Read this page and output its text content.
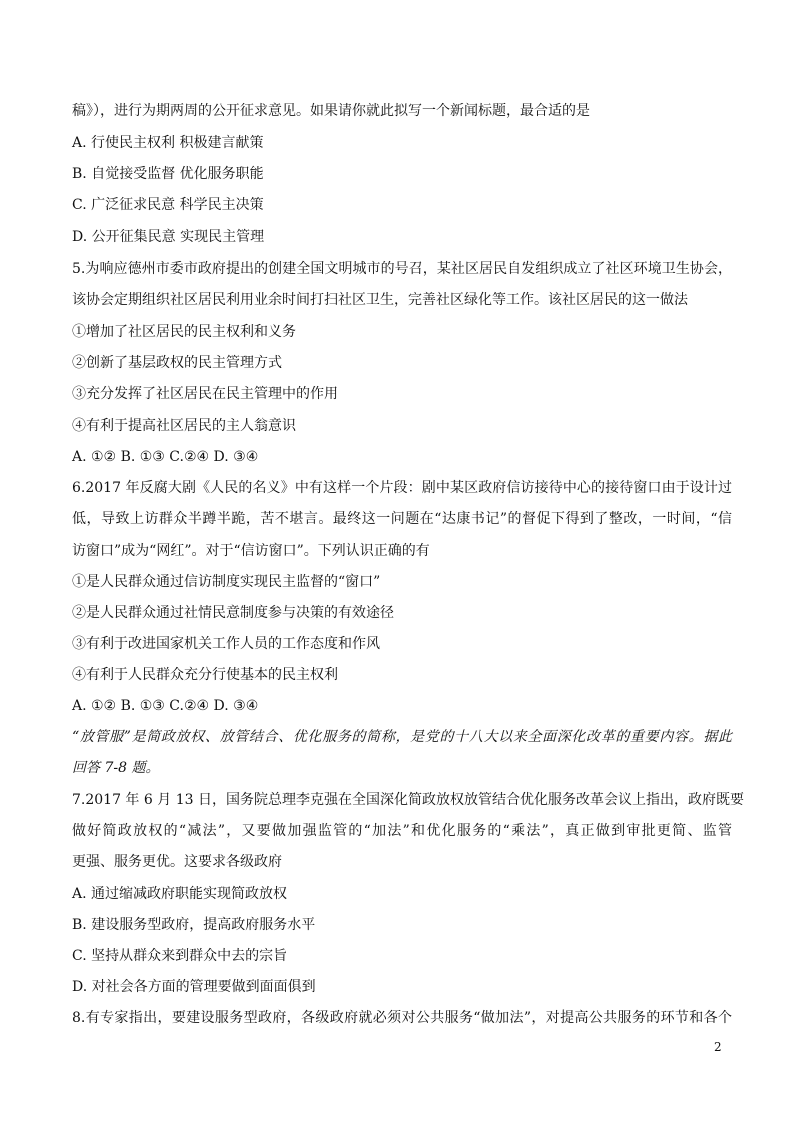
稿》），进行为期两周的公开征求意见。如果请你就此拟写一个新闻标题，最合适的是

A. 行使民主权利 积极建言献策

B. 自觉接受监督 优化服务职能

C. 广泛征求民意 科学民主决策

D. 公开征集民意 实现民主管理

5.为响应德州市委市政府提出的创建全国文明城市的号召，某社区居民自发组织成立了社区环境卫生协会，

该协会定期组织社区居民利用业余时间打扫社区卫生，完善社区绿化等工作。该社区居民的这一做法

①增加了社区居民的民主权利和义务

②创新了基层政权的民主管理方式

③充分发挥了社区居民在民主管理中的作用

④有利于提高社区居民的主人翁意识

A. ①② B. ①③ C.②④ D. ③④

6.2017 年反腐大剧《人民的名义》中有这样一个片段：剧中某区政府信访接待中心的接待窗口由于设计过

低，导致上访群众半蹲半跪，苦不堪言。最终这一问题在“达康书记”的督促下得到了整改，一时间，“信

访窗口”成为“网红”。对于“信访窗口”。下列认识正确的有

①是人民群众通过信访制度实现民主监督的“窗口”

②是人民群众通过社情民意制度参与决策的有效途径

③有利于改进国家机关工作人员的工作态度和作风

④有利于人民群众充分行使基本的民主权利

A. ①② B. ①③ C.②④ D. ③④

“放管服”是简政放权、放管结合、优化服务的简称，是党的十八大以来全面深化改革的重要内容。据此

回答 7-8 题。

7.2017 年 6 月 13 日，国务院总理李克强在全国深化简政放权放管结合优化服务改革会议上指出，政府既要

做好简政放权的“减法”，又要做加强监管的“加法”和优化服务的“乘法”，真正做到审批更简、监管

更强、服务更优。这要求各级政府

A. 通过缩减政府职能实现简政放权

B. 建设服务型政府，提高政府服务水平

C. 坚持从群众来到群众中去的宗旨

D. 对社会各方面的管理要做到面面俱到

8.有专家指出，要建设服务型政府，各级政府就必须对公共服务“做加法”，对提高公共服务的环节和各个

2
